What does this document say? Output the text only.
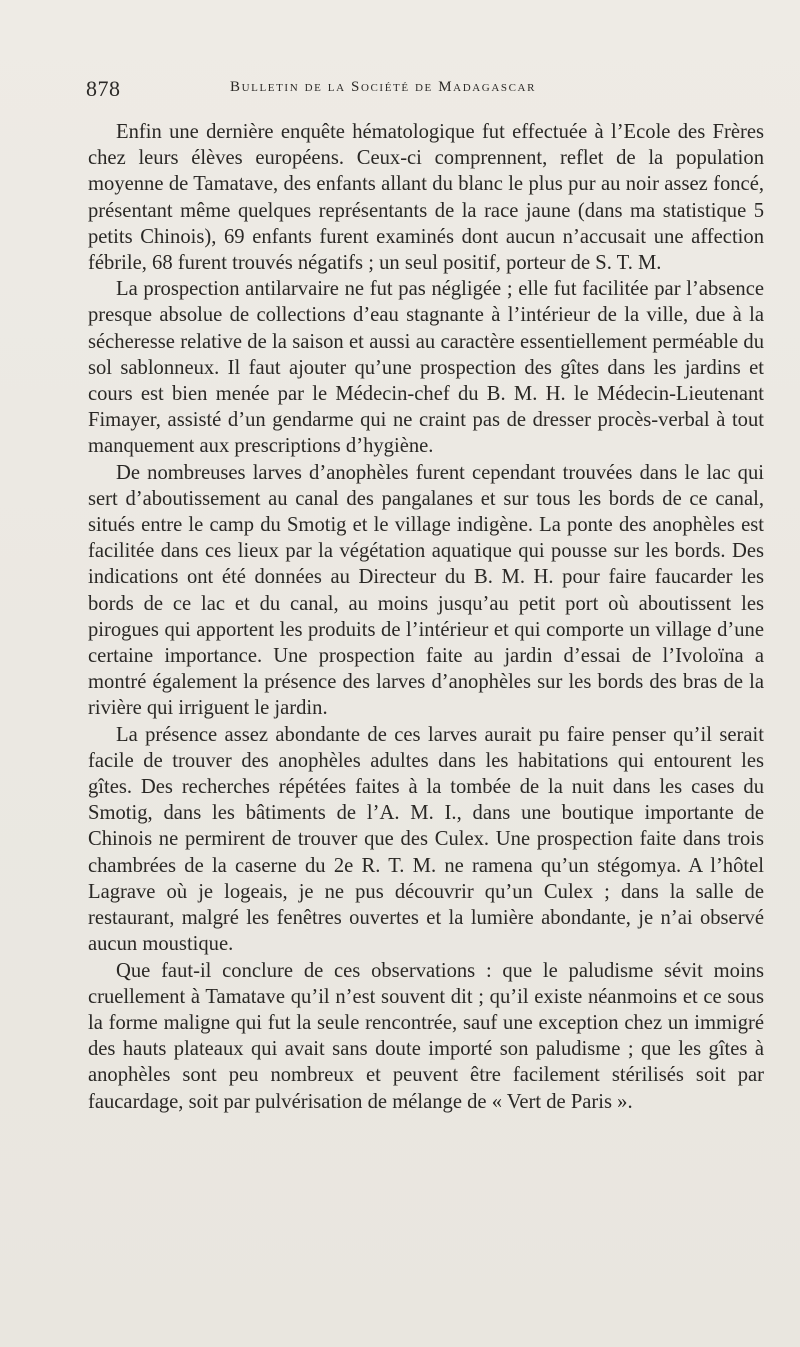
878	Bulletin de la Société de Madagascar

Enfin une dernière enquête hématologique fut effectuée à l’Ecole des Frères chez leurs élèves européens. Ceux-ci comprennent, reflet de la population moyenne de Tamatave, des enfants allant du blanc le plus pur au noir assez foncé, présentant même quelques représentants de la race jaune (dans ma statistique 5 petits Chinois), 69 enfants furent examinés dont aucun n’accusait une affection fébrile, 68 furent trouvés négatifs ; un seul positif, porteur de S. T. M.

La prospection antilarvaire ne fut pas négligée ; elle fut facilitée par l’absence presque absolue de collections d’eau stagnante à l’intérieur de la ville, due à la sécheresse relative de la saison et aussi au caractère essentiellement perméable du sol sablonneux. Il faut ajouter qu’une prospection des gîtes dans les jardins et cours est bien menée par le Médecin-chef du B. M. H. le Médecin-Lieutenant Fimayer, assisté d’un gendarme qui ne craint pas de dresser procès-verbal à tout manquement aux prescriptions d’hygiène.

De nombreuses larves d’anophèles furent cependant trouvées dans le lac qui sert d’aboutissement au canal des pangalanes et sur tous les bords de ce canal, situés entre le camp du Smotig et le village indigène. La ponte des anophèles est facilitée dans ces lieux par la végétation aquatique qui pousse sur les bords. Des indications ont été données au Directeur du B. M. H. pour faire faucarder les bords de ce lac et du canal, au moins jusqu’au petit port où aboutissent les pirogues qui apportent les produits de l’intérieur et qui comporte un village d’une certaine importance. Une prospection faite au jardin d’essai de l’Ivoloïna a montré également la présence des larves d’anophèles sur les bords des bras de la rivière qui irriguent le jardin.

La présence assez abondante de ces larves aurait pu faire penser qu’il serait facile de trouver des anophèles adultes dans les habitations qui entourent les gîtes. Des recherches répétées faites à la tombée de la nuit dans les cases du Smotig, dans les bâtiments de l’A. M. I., dans une boutique importante de Chinois ne permirent de trouver que des Culex. Une prospection faite dans trois chambrées de la caserne du 2e R. T. M. ne ramena qu’un stégomya. A l’hôtel Lagrave où je logeais, je ne pus découvrir qu’un Culex ; dans la salle de restaurant, malgré les fenêtres ouvertes et la lumière abondante, je n’ai observé aucun moustique.

Que faut-il conclure de ces observations : que le paludisme sévit moins cruellement à Tamatave qu’il n’est souvent dit ; qu’il existe néanmoins et ce sous la forme maligne qui fut la seule rencontrée, sauf une exception chez un immigré des hauts plateaux qui avait sans doute importé son paludisme ; que les gîtes à anophèles sont peu nombreux et peuvent être facilement stérilisés soit par faucardage, soit par pulvérisation de mélange de « Vert de Paris ».
